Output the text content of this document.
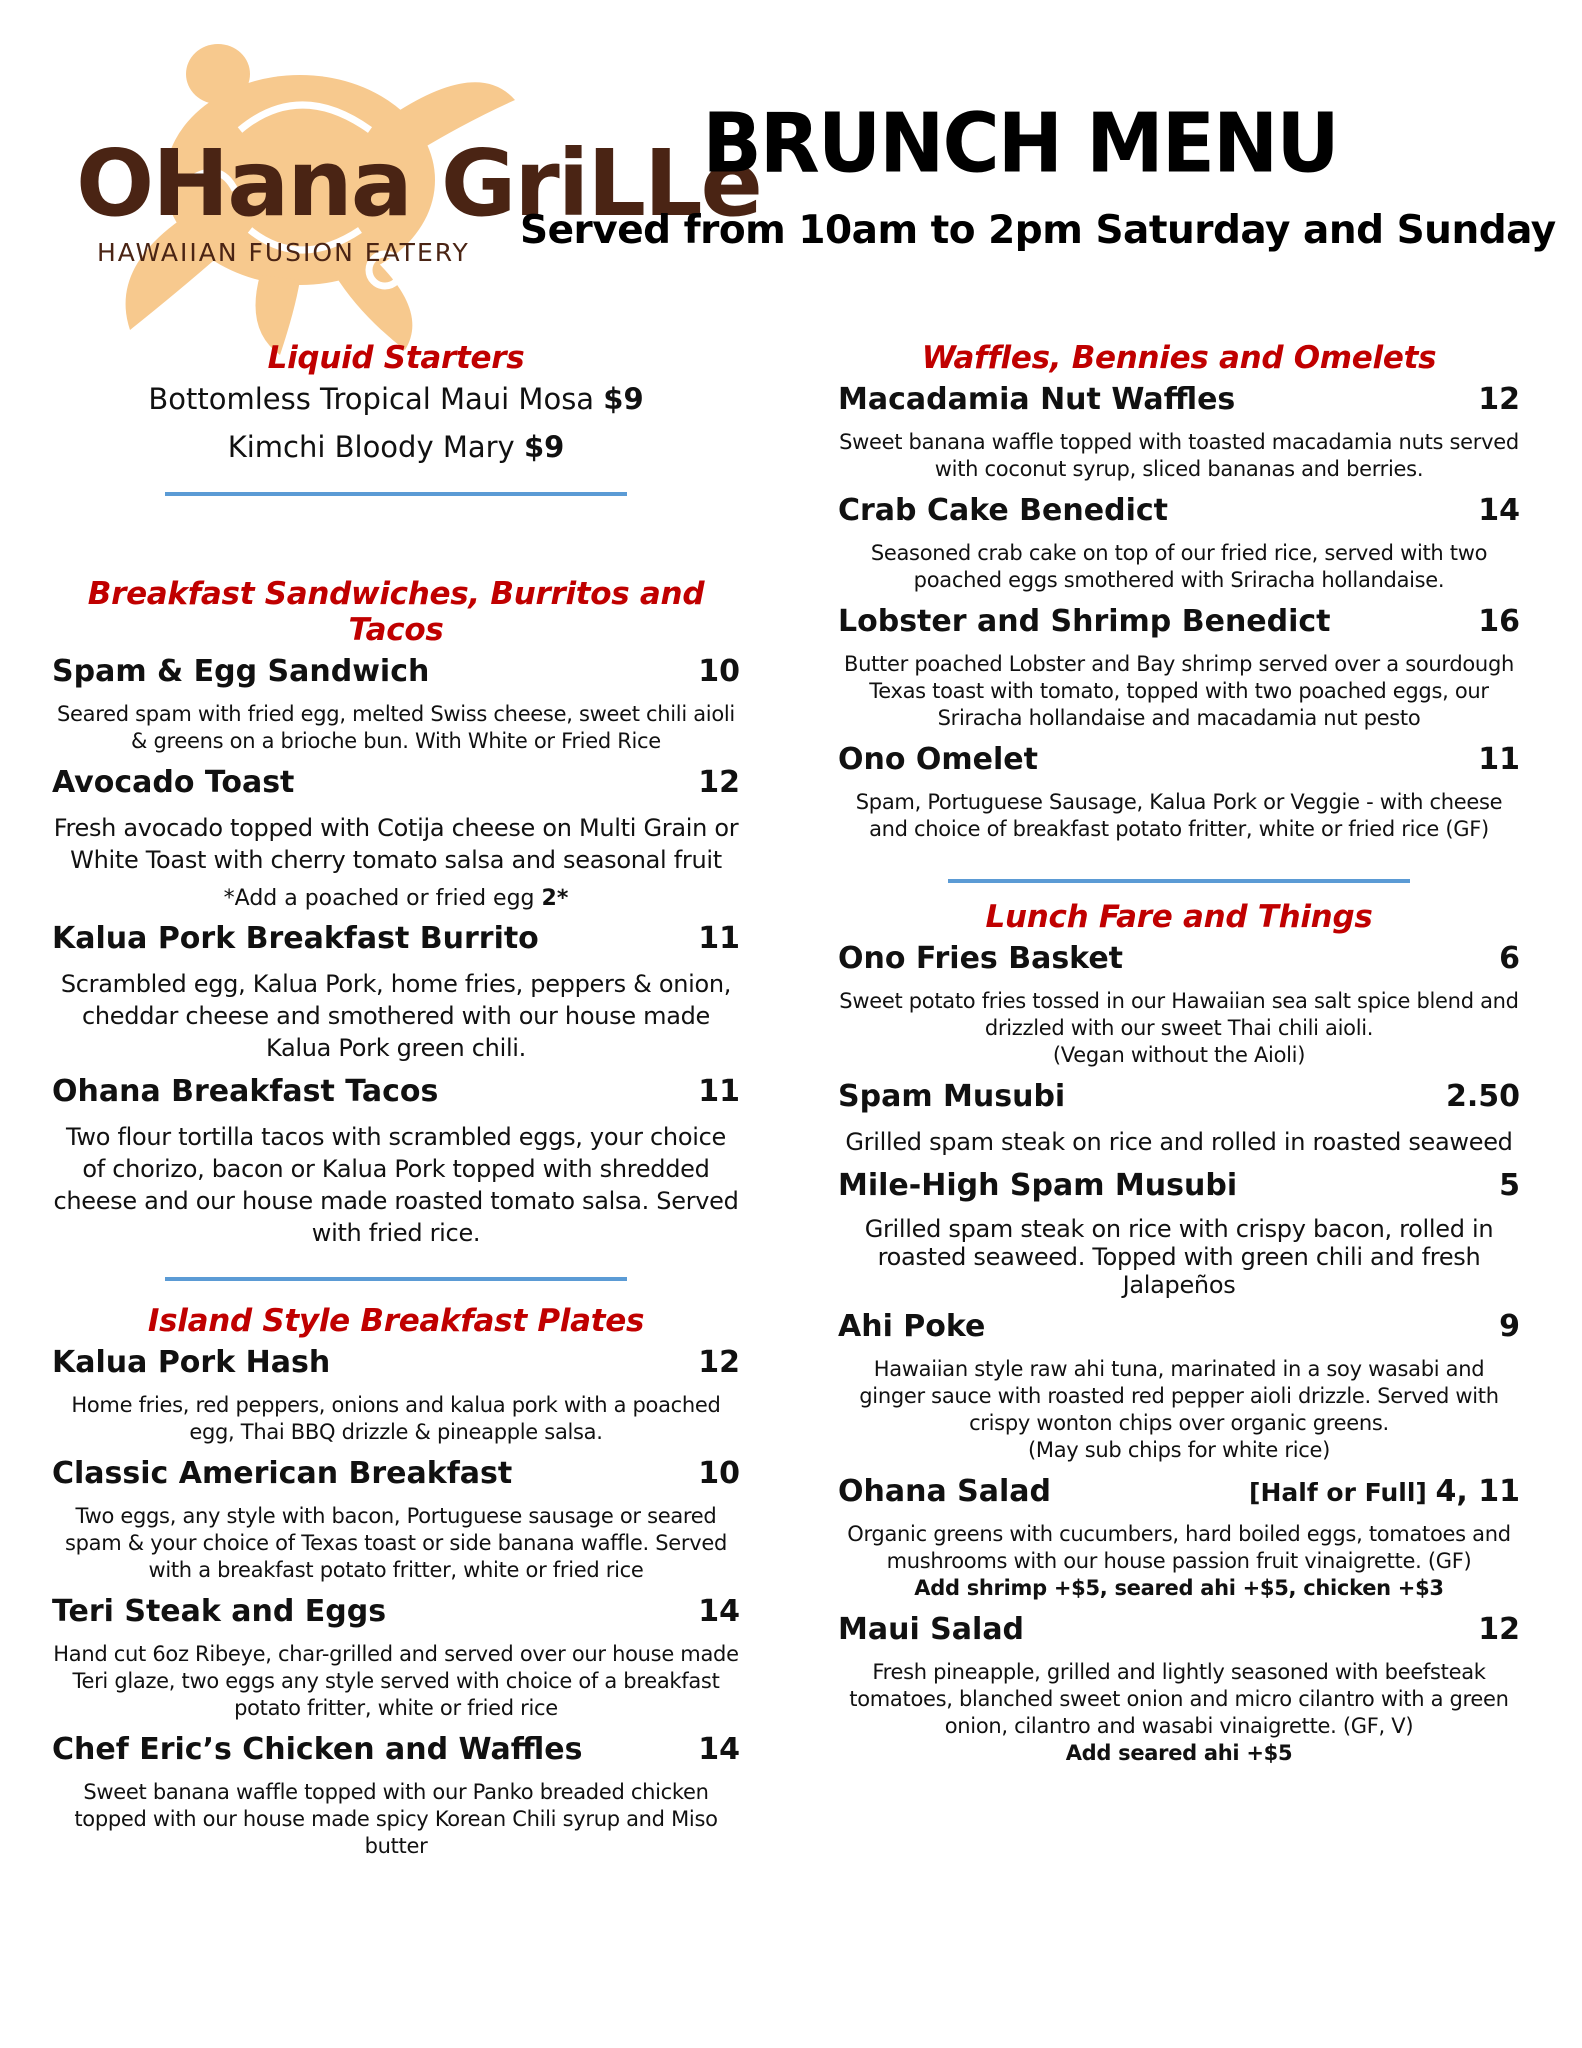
OHana GriLLe
HAWAIIAN FUSION EATERY
BRUNCH MENU
Served from 10am to 2pm Saturday and Sunday
Liquid Starters
Bottomless Tropical Maui Mosa $9
Kimchi Bloody Mary $9
Breakfast Sandwiches, Burritos and Tacos
Spam & Egg Sandwich	10
Seared spam with fried egg, melted Swiss cheese, sweet chili aioli & greens on a brioche bun. With White or Fried Rice
Avocado Toast	12
Fresh avocado topped with Cotija cheese on Multi Grain or White Toast with cherry tomato salsa and seasonal fruit
*Add a poached or fried egg 2*
Kalua Pork Breakfast Burrito	11
Scrambled egg, Kalua Pork, home fries, peppers & onion, cheddar cheese and smothered with our house made Kalua Pork green chili.
Ohana Breakfast Tacos	11
Two flour tortilla tacos with scrambled eggs, your choice of chorizo, bacon or Kalua Pork topped with shredded cheese and our house made roasted tomato salsa. Served with fried rice.
Island Style Breakfast Plates
Kalua Pork Hash	12
Home fries, red peppers, onions and kalua pork with a poached egg, Thai BBQ drizzle & pineapple salsa.
Classic American Breakfast	10
Two eggs, any style with bacon, Portuguese sausage or seared spam & your choice of Texas toast or side banana waffle. Served with a breakfast potato fritter, white or fried rice
Teri Steak and Eggs	14
Hand cut 6oz Ribeye, char-grilled and served over our house made Teri glaze, two eggs any style served with choice of a breakfast potato fritter, white or fried rice
Chef Eric’s Chicken and Waffles	14
Sweet banana waffle topped with our Panko breaded chicken topped with our house made spicy Korean Chili syrup and Miso butter
Waffles, Bennies and Omelets
Macadamia Nut Waffles	12
Sweet banana waffle topped with toasted macadamia nuts served with coconut syrup, sliced bananas and berries.
Crab Cake Benedict	14
Seasoned crab cake on top of our fried rice, served with two poached eggs smothered with Sriracha hollandaise.
Lobster and Shrimp Benedict	16
Butter poached Lobster and Bay shrimp served over a sourdough Texas toast with tomato, topped with two poached eggs, our Sriracha hollandaise and macadamia nut pesto
Ono Omelet	11
Spam, Portuguese Sausage, Kalua Pork or Veggie - with cheese and choice of breakfast potato fritter, white or fried rice (GF)
Lunch Fare and Things
Ono Fries Basket	6
Sweet potato fries tossed in our Hawaiian sea salt spice blend and drizzled with our sweet Thai chili aioli.
(Vegan without the Aioli)
Spam Musubi	2.50
Grilled spam steak on rice and rolled in roasted seaweed
Mile-High Spam Musubi	5
Grilled spam steak on rice with crispy bacon, rolled in roasted seaweed. Topped with green chili and fresh Jalapeños
Ahi Poke	9
Hawaiian style raw ahi tuna, marinated in a soy wasabi and ginger sauce with roasted red pepper aioli drizzle. Served with crispy wonton chips over organic greens.
(May sub chips for white rice)
Ohana Salad	[Half or Full] 4, 11
Organic greens with cucumbers, hard boiled eggs, tomatoes and mushrooms with our house passion fruit vinaigrette. (GF)
Add shrimp +$5, seared ahi +$5, chicken +$3
Maui Salad	12
Fresh pineapple, grilled and lightly seasoned with beefsteak tomatoes, blanched sweet onion and micro cilantro with a green onion, cilantro and wasabi vinaigrette. (GF, V)
Add seared ahi +$5
